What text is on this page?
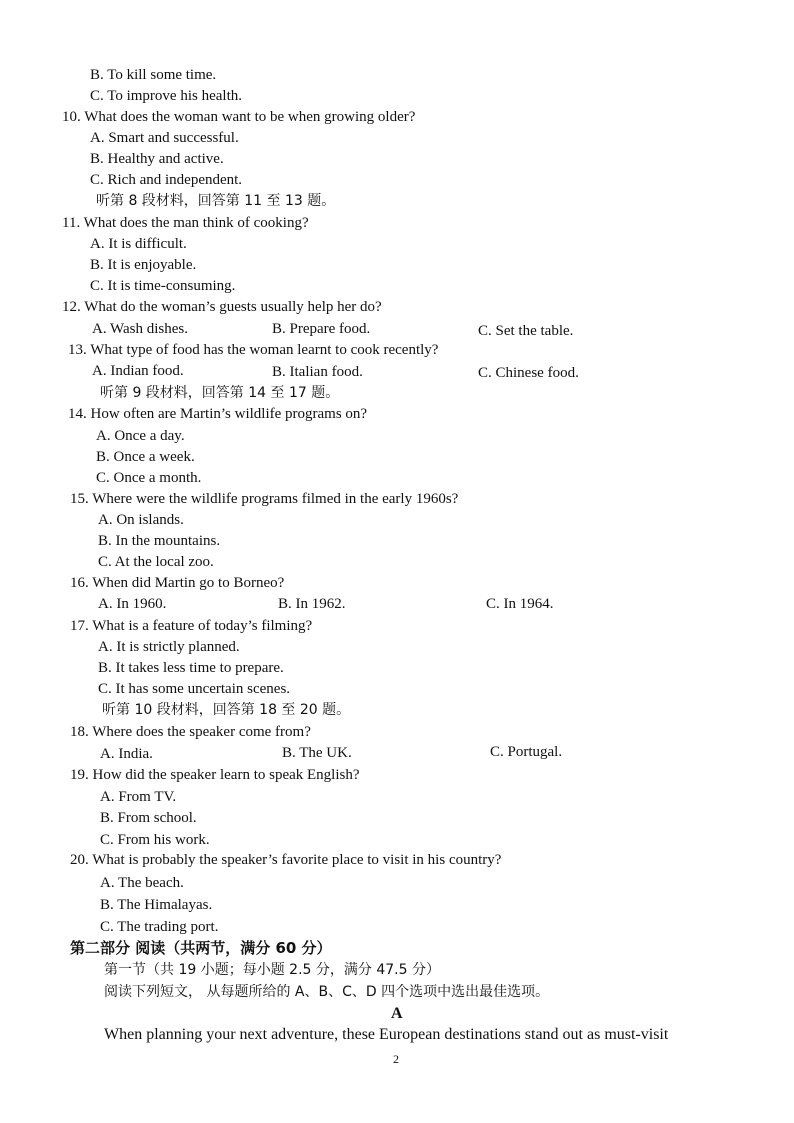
B. To kill some time.
C. To improve his health.
10. What does the woman want to be when growing older?
A. Smart and successful.
B. Healthy and active.
C. Rich and independent.
听第 8 段材料，回答第 11 至 13 题。
11. What does the man think of cooking?
A. It is difficult.
B. It is enjoyable.
C. It is time-consuming.
12. What do the woman’s guests usually help her do?
A. Wash dishes.	B. Prepare food.	C. Set the table.
13. What type of food has the woman learnt to cook recently?
A. Indian food.	B. Italian food.	C. Chinese food.
听第 9 段材料，回答第 14 至 17 题。
14. How often are Martin’s wildlife programs on?
A. Once a day.
B. Once a week.
C. Once a month.
15. Where were the wildlife programs filmed in the early 1960s?
A. On islands.
B. In the mountains.
C. At the local zoo.
16. When did Martin go to Borneo?
A. In 1960.	B. In 1962.	C. In 1964.
17. What is a feature of today’s filming?
A. It is strictly planned.
B. It takes less time to prepare.
C. It has some uncertain scenes.
听第 10 段材料，回答第 18 至 20 题。
18. Where does the speaker come from?
A. India.	B. The UK.	C. Portugal.
19. How did the speaker learn to speak English?
A. From TV.
B. From school.
C. From his work.
20. What is probably the speaker’s favorite place to visit in his country?
A. The beach.
B. The Himalayas.
C. The trading port.
第二部分 阅读（共两节，满分 60 分）
第一节（共 19 小题；每小题 2.5 分，满分 47.5 分）
阅读下列短文， 从每题所给的 A、B、C、D 四个选项中选出最佳选项。
A
When planning your next adventure, these European destinations stand out as must-visit
2
